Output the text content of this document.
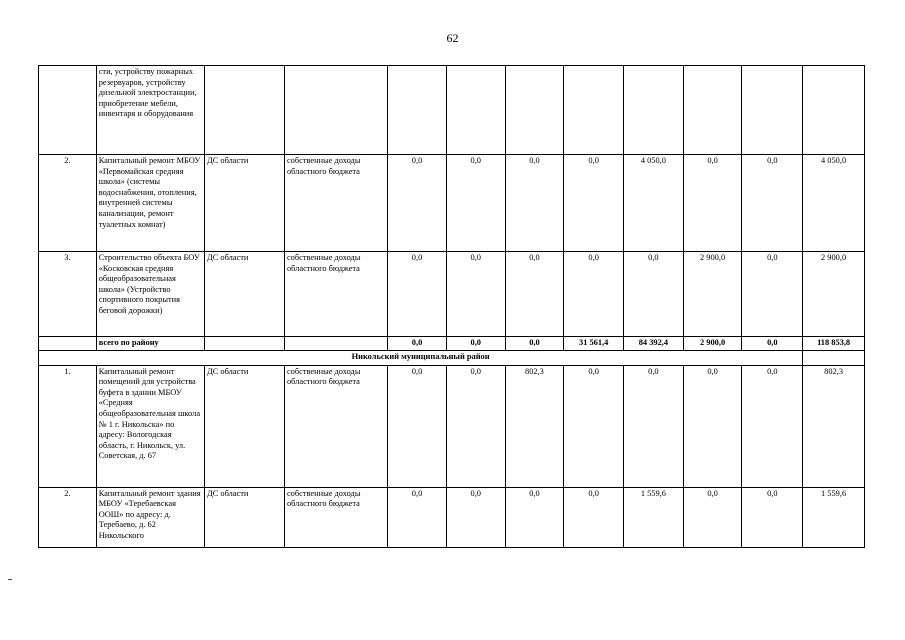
62
	сти, устройству пожарных резервуаров, устройству дизельной электростанции, приобретение мебели, инвентаря и оборудования										
2.	Капитальный ремонт МБОУ «Первомайская средняя школа» (системы водоснабжения, отопления, внутренней системы канализации, ремонт туалетных комнат)	ДС области	собственные доходы областного бюджета	0,0	0,0	0,0	0,0	4 050,0	0,0	0,0	4 050,0
3.	Строительство объекта БОУ «Косковская средняя общеобразовательная школа» (Устройство спортивного покрытия беговой дорожки)	ДС области	собственные доходы областного бюджета	0,0	0,0	0,0	0,0	0,0	2 900,0	0,0	2 900,0
	всего по району			0,0	0,0	0,0	31 561,4	84 392,4	2 900,0	0,0	118 853,8
Никольский муниципальный район											
1.	Капитальный ремонт помещений для устройства буфета в здании МБОУ «Средняя общеобразовательная школа № 1 г. Никольска» по адресу: Вологодская область, г. Никольск, ул. Советская, д. 67	ДС области	собственные доходы областного бюджета	0,0	0,0	802,3	0,0	0,0	0,0	0,0	802,3
2.	Капитальный ремонт здания МБОУ «Теребаевская ООШ» по адресу: д. Теребаево, д. 62 Никольского	ДС области	собственные доходы областного бюджета	0,0	0,0	0,0	0,0	1 559,6	0,0	0,0	1 559,6
